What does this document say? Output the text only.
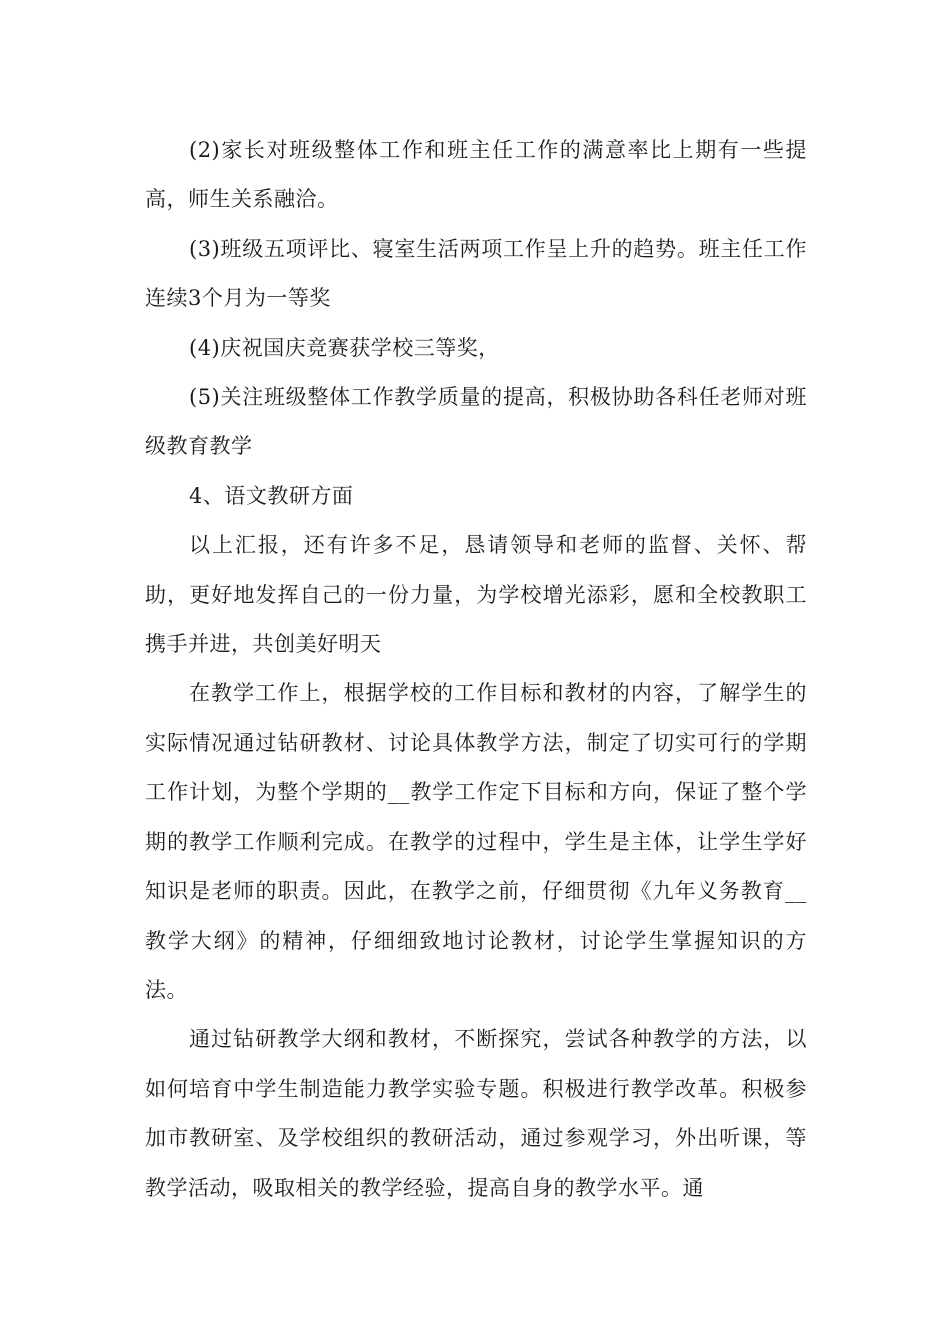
(2)家长对班级整体工作和班主任工作的满意率比上期有一些提高，师生关系融洽。

(3)班级五项评比、寝室生活两项工作呈上升的趋势。班主任工作连续3个月为一等奖

(4)庆祝国庆竞赛获学校三等奖，

(5)关注班级整体工作教学质量的提高，积极协助各科任老师对班级教育教学

4、语文教研方面

以上汇报，还有许多不足，恳请领导和老师的监督、关怀、帮助，更好地发挥自己的一份力量，为学校增光添彩，愿和全校教职工携手并进，共创美好明天

在教学工作上，根据学校的工作目标和教材的内容，了解学生的实际情况通过钻研教材、讨论具体教学方法，制定了切实可行的学期工作计划，为整个学期的__教学工作定下目标和方向，保证了整个学期的教学工作顺利完成。在教学的过程中，学生是主体，让学生学好知识是老师的职责。因此，在教学之前，仔细贯彻《九年义务教育__教学大纲》的精神，仔细细致地讨论教材，讨论学生掌握知识的方法。

通过钻研教学大纲和教材，不断探究，尝试各种教学的方法，以如何培育中学生制造能力教学实验专题。积极进行教学改革。积极参加市教研室、及学校组织的教研活动，通过参观学习，外出听课，等教学活动，吸取相关的教学经验，提高自身的教学水平。通
